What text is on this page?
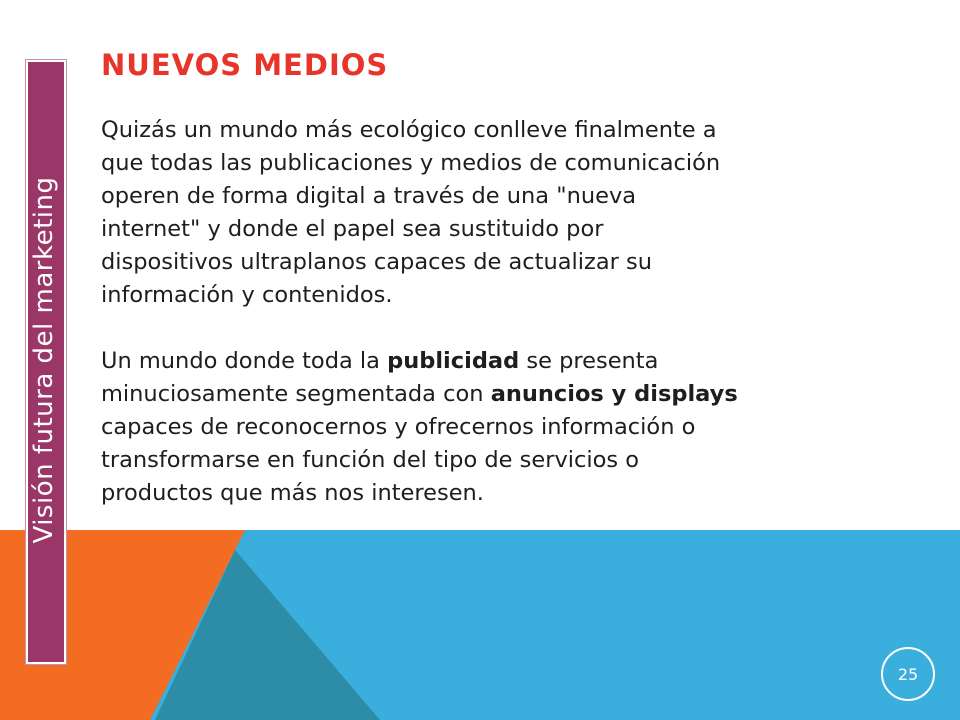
Visión futura del marketing
NUEVOS MEDIOS

Quizás un mundo más ecológico conlleve finalmente a que todas las publicaciones y medios de comunicación operen de forma digital a través de una "nueva internet" y donde el papel sea sustituido por dispositivos ultraplanos capaces de actualizar su información y contenidos.

Un mundo donde toda la publicidad se presenta minuciosamente segmentada con anuncios y displays capaces de reconocernos y ofrecernos información o transformarse en función del tipo de servicios o productos que más nos interesen.

25
